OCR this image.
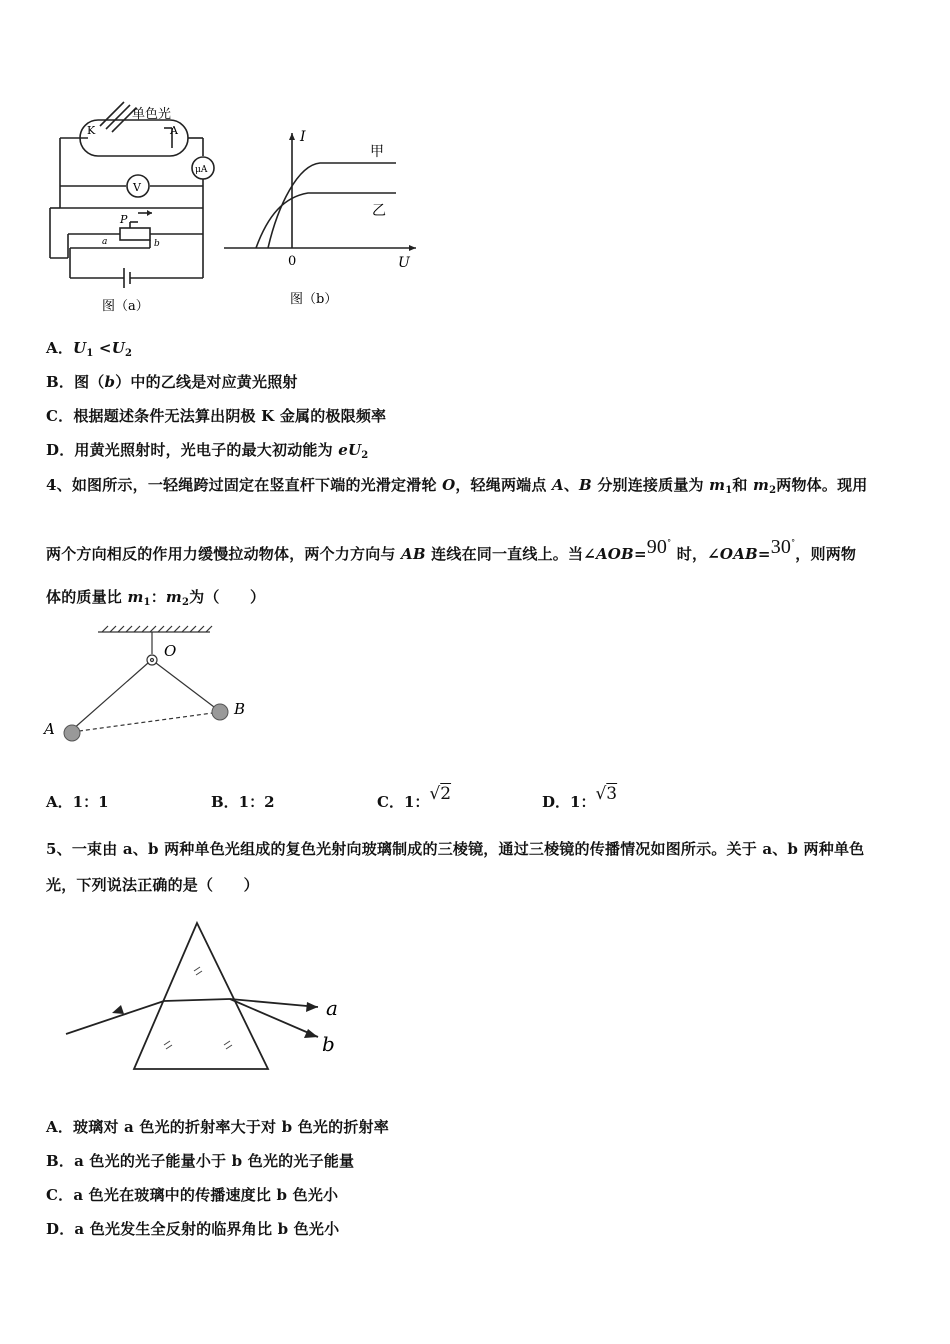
K	A
μA
V
P
a	b
单色光
图（a）
I
U
0
甲
乙
图（b）
A．$U_1 <U_2$
B．图（b）中的乙线是对应黄光照射
C．根据题述条件无法算出阴极 K 金属的极限频率
D．用黄光照射时，光电子的最大初动能为 $eU_2$
4、如图所示，一轻绳跨过固定在竖直杆下端的光滑定滑轮 O，轻绳两端点 A、B 分别连接质量为 $m_1$和 $m_2$两物体。现用
两个方向相反的作用力缓慢拉动物体，两个力方向与 AB 连线在同一直线上。当∠AOB=90° 时，∠OAB=30°，则两物
体的质量比 $m_1$：$m_2$为（　　）
O
A
B
A．1：1	B．1：2	C．1：√2	D．1：√3
5、一束由 a、b 两种单色光组成的复色光射向玻璃制成的三棱镜，通过三棱镜的传播情况如图所示。关于 a、b 两种单色
光，下列说法正确的是（　　）
a
b
A．玻璃对 a 色光的折射率大于对 b 色光的折射率
B．a 色光的光子能量小于 b 色光的光子能量
C．a 色光在玻璃中的传播速度比 b 色光小
D．a 色光发生全反射的临界角比 b 色光小
